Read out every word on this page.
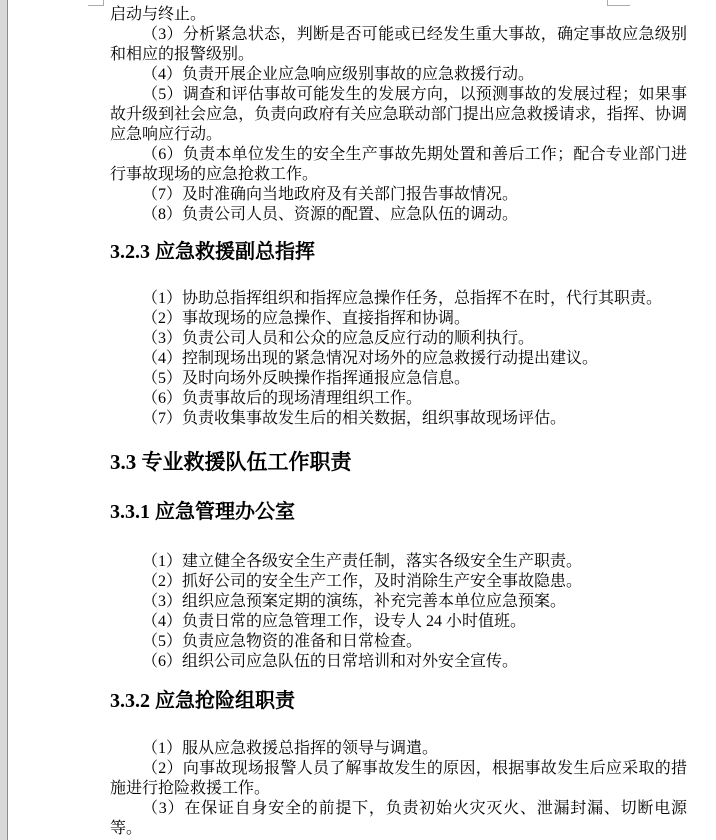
启动与终止。

（3）分析紧急状态，判断是否可能或已经发生重大事故，确定事故应急级别和相应的报警级别。

（4）负责开展企业应急响应级别事故的应急救援行动。

（5）调查和评估事故可能发生的发展方向，以预测事故的发展过程；如果事故升级到社会应急，负责向政府有关应急联动部门提出应急救援请求，指挥、协调应急响应行动。

（6）负责本单位发生的安全生产事故先期处置和善后工作；配合专业部门进行事故现场的应急抢救工作。

（7）及时准确向当地政府及有关部门报告事故情况。

（8）负责公司人员、资源的配置、应急队伍的调动。

3.2.3 应急救援副总指挥

（1）协助总指挥组织和指挥应急操作任务，总指挥不在时，代行其职责。

（2）事故现场的应急操作、直接指挥和协调。

（3）负责公司人员和公众的应急反应行动的顺利执行。

（4）控制现场出现的紧急情况对场外的应急救援行动提出建议。

（5）及时向场外反映操作指挥通报应急信息。

（6）负责事故后的现场清理组织工作。

（7）负责收集事故发生后的相关数据，组织事故现场评估。

3.3 专业救援队伍工作职责
3.3.1 应急管理办公室

（1）建立健全各级安全生产责任制，落实各级安全生产职责。

（2）抓好公司的安全生产工作，及时消除生产安全事故隐患。

（3）组织应急预案定期的演练，补充完善本单位应急预案。

（4）负责日常的应急管理工作，设专人 24 小时值班。

（5）负责应急物资的准备和日常检查。

（6）组织公司应急队伍的日常培训和对外安全宣传。

3.3.2 应急抢险组职责

（1）服从应急救援总指挥的领导与调遣。

（2）向事故现场报警人员了解事故发生的原因，根据事故发生后应采取的措施进行抢险救援工作。

（3）在保证自身安全的前提下，负责初始火灾灭火、泄漏封漏、切断电源等。
